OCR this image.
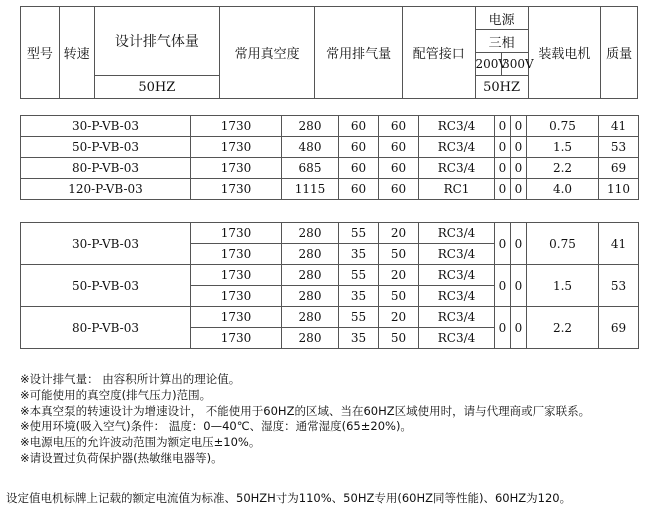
型号	转速	设计排气体量	常用真空度	常用排气量	配管接口	电源		装载电机	质量
						三相			
						200V	300V		
		50HZ				50HZ			
30-P-VB-03	1730	280	60	60	RC3/4	0	0	0.75	41
50-P-VB-03	1730	480	60	60	RC3/4	0	0	1.5	53
80-P-VB-03	1730	685	60	60	RC3/4	0	0	2.2	69
120-P-VB-03	1730	1115	60	60	RC1	0	0	4.0	110
30-P-VB-03	1730	280	55	20	RC3/4	0	0	0.75	41
	1730	280	35	50	RC3/4				
50-P-VB-03	1730	280	55	20	RC3/4	0	0	1.5	53
	1730	280	35	50	RC3/4				
80-P-VB-03	1730	280	55	20	RC3/4	0	0	2.2	69
	1730	280	35	50	RC3/4				
※设计排气量： 由容积所计算出的理论值。
※可能使用的真空度(排气压力)范围。
※本真空泵的转速设计为增速设计， 不能使用于60HZ的区域、当在60HZ区域使用时，请与代理商或厂家联系。
※使用环境(吸入空气)条件： 温度：0—40℃、湿度：通常湿度(65±20%)。
※电源电压的允许波动范围为额定电压±10%。
※请设置过负荷保护器(热敏继电器等)。
设定值电机标牌上记载的额定电流值为标准、50HZH寸为110%、50HZ专用(60HZ同等性能)、60HZ为120。
